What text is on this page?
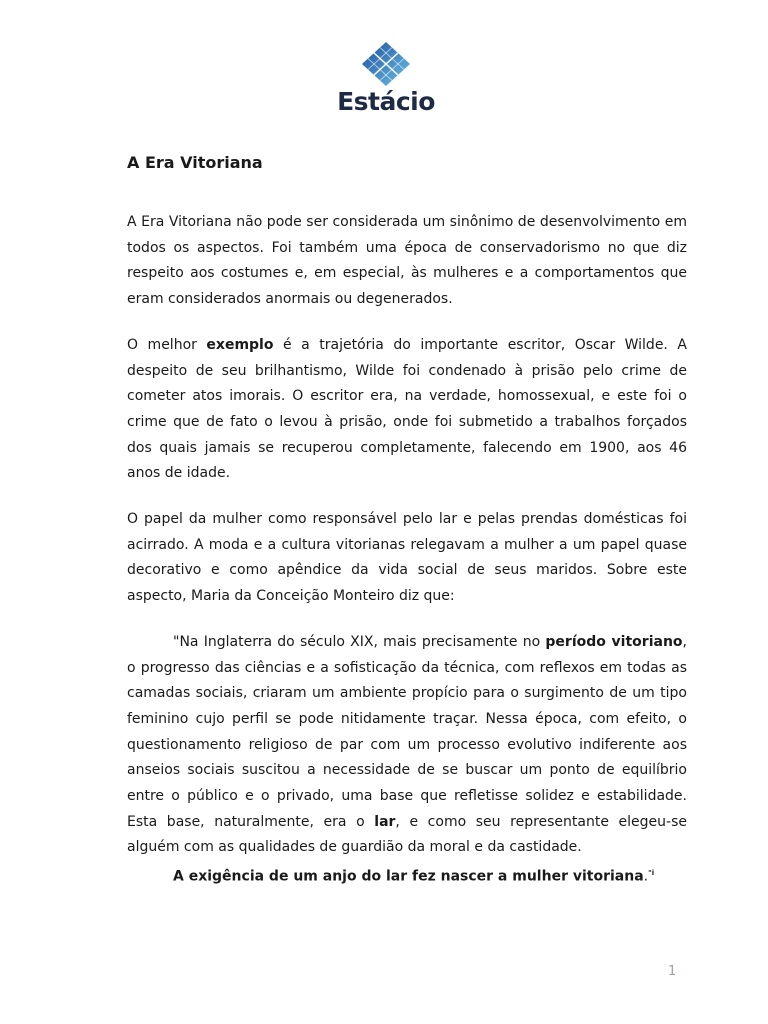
Estácio
A Era Vitoriana

A Era Vitoriana não pode ser considerada um sinônimo de desenvolvimento em todos os aspectos. Foi também uma época de conservadorismo no que diz respeito aos costumes e, em especial, às mulheres e a comportamentos que eram considerados anormais ou degenerados.

O melhor exemplo é a trajetória do importante escritor, Oscar Wilde. A despeito de seu brilhantismo, Wilde foi condenado à prisão pelo crime de cometer atos imorais. O escritor era, na verdade, homossexual, e este foi o crime que de fato o levou à prisão, onde foi submetido a trabalhos forçados dos quais jamais se recuperou completamente, falecendo em 1900, aos 46 anos de idade.

O papel da mulher como responsável pelo lar e pelas prendas domésticas foi acirrado. A moda e a cultura vitorianas relegavam a mulher a um papel quase decorativo e como apêndice da vida social de seus maridos. Sobre este aspecto, Maria da Conceição Monteiro diz que:

"Na Inglaterra do século XIX, mais precisamente no período vitoriano, o progresso das ciências e a sofisticação da técnica, com reflexos em todas as camadas sociais, criaram um ambiente propício para o surgimento de um tipo feminino cujo perfil se pode nitidamente traçar. Nessa época, com efeito, o questionamento religioso de par com um processo evolutivo indiferente aos anseios sociais suscitou a necessidade de se buscar um ponto de equilíbrio entre o público e o privado, uma base que refletisse solidez e estabilidade. Esta base, naturalmente, era o lar, e como seu representante elegeu-se alguém com as qualidades de guardião da moral e da castidade.

A exigência de um anjo do lar fez nascer a mulher vitoriana.$^{"i}$

1
